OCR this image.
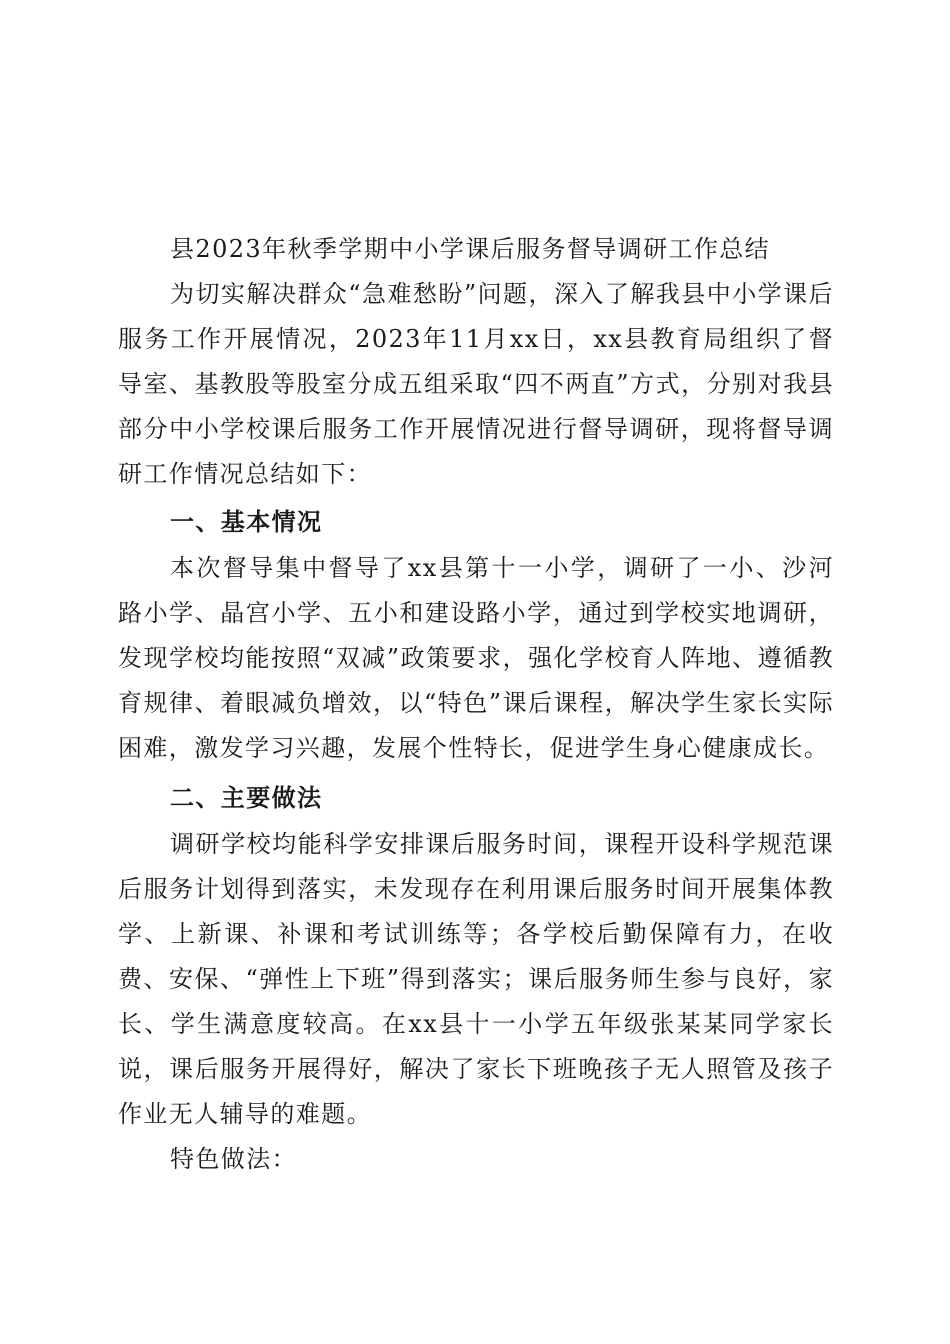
县2023年秋季学期中小学课后服务督导调研工作总结

为切实解决群众“急难愁盼”问题，深入了解我县中小学课后服务工作开展情况，2023年11月xx日，xx县教育局组织了督导室、基教股等股室分成五组采取“四不两直”方式，分别对我县部分中小学校课后服务工作开展情况进行督导调研，现将督导调研工作情况总结如下：

一、基本情况

本次督导集中督导了xx县第十一小学，调研了一小、沙河路小学、晶宫小学、五小和建设路小学，通过到学校实地调研，发现学校均能按照“双减”政策要求，强化学校育人阵地、遵循教育规律、着眼减负增效，以“特色”课后课程，解决学生家长实际困难，激发学习兴趣，发展个性特长，促进学生身心健康成长。

二、主要做法

调研学校均能科学安排课后服务时间，课程开设科学规范课后服务计划得到落实，未发现存在利用课后服务时间开展集体教学、上新课、补课和考试训练等；各学校后勤保障有力，在收费、安保、“弹性上下班”得到落实；课后服务师生参与良好，家长、学生满意度较高。在xx县十一小学五年级张某某同学家长说，课后服务开展得好，解决了家长下班晚孩子无人照管及孩子作业无人辅导的难题。

特色做法：
